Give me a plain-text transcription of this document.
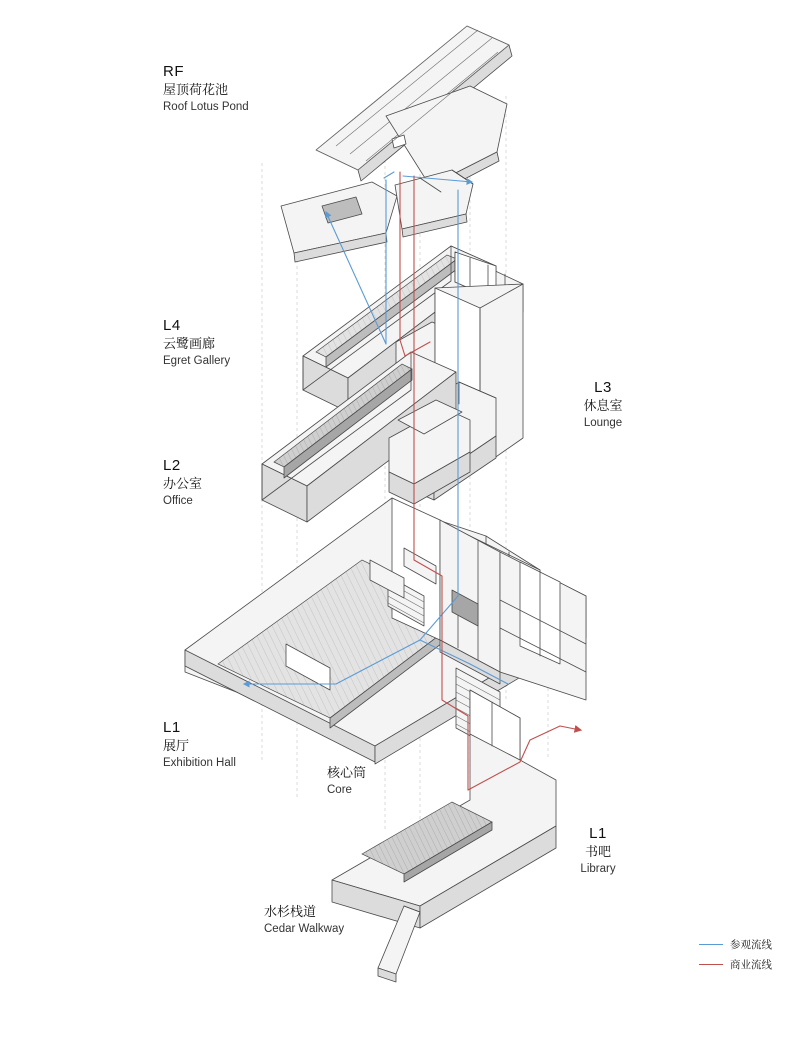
RF
屋顶荷花池
Roof Lotus Pond
L4
云鹭画廊
Egret Gallery
L3
休息室
Lounge
L2
办公室
Office
L1
展厅
Exhibition Hall
核心筒
Core
L1
书吧
Library
水杉栈道
Cedar Walkway
参观流线
商业流线
